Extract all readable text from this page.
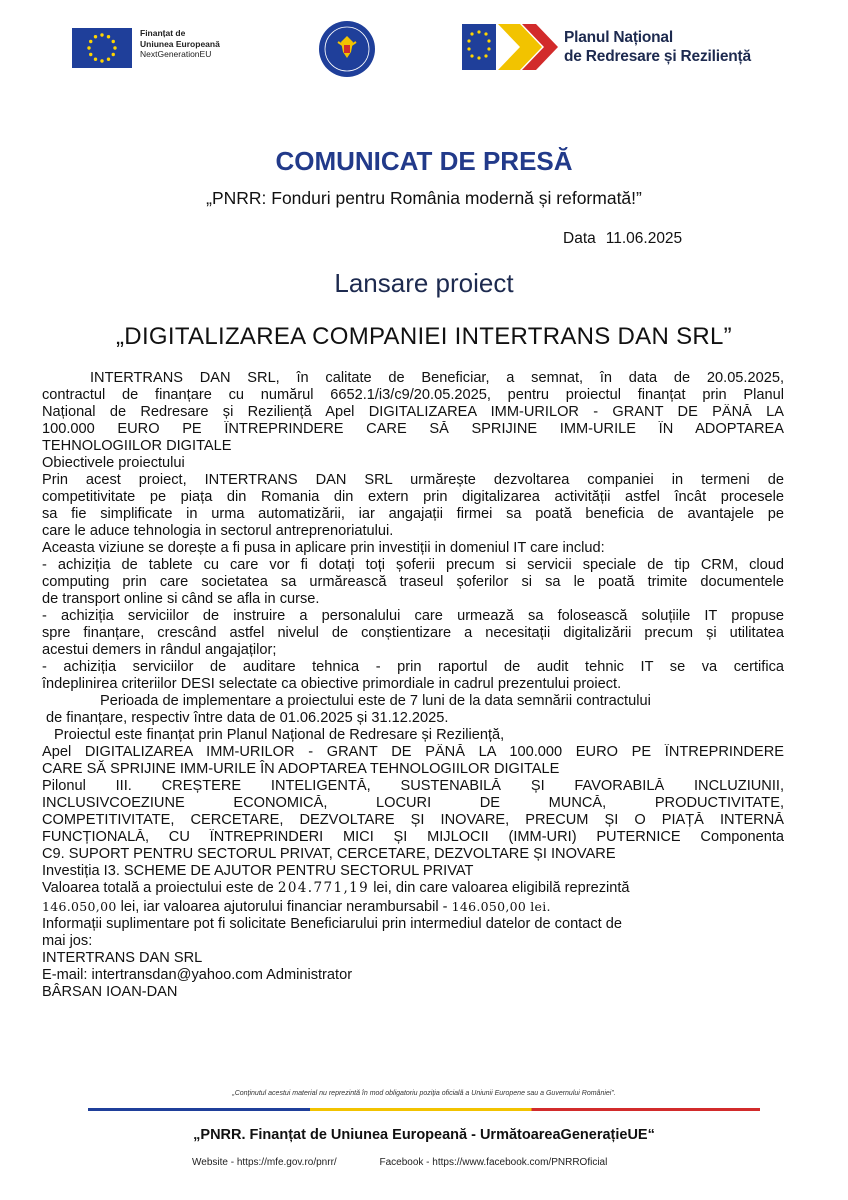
Finanțat de
Uniunea Europeană
NextGenerationEU
Planul Național
de Redresare și Reziliență
COMUNICAT DE PRESĂ
„PNRR: Fonduri pentru România modernă și reformată!”
Data 11.06.2025
Lansare proiect
„DIGITALIZAREA COMPANIEI INTERTRANS DAN SRL”
INTERTRANS DAN SRL, în calitate de Beneficiar, a semnat, în data de 20.05.2025,
contractul de finanțare cu numărul 6652.1/i3/c9/20.05.2025, pentru proiectul finanțat prin Planul
Național de Redresare și Reziliență Apel DIGITALIZAREA IMM-URILOR - GRANT DE PÂNĂ LA
100.000 EURO PE ÎNTREPRINDERE CARE SĂ SPRIJINE IMM-URILE ÎN ADOPTAREA
TEHNOLOGIILOR DIGITALE
Obiectivele proiectului
Prin acest proiect, INTERTRANS DAN SRL urmărește dezvoltarea companiei in termeni de
competitivitate pe piața din Romania din extern prin digitalizarea activității astfel încât procesele
sa fie simplificate in urma automatizării, iar angajații firmei sa poată beneficia de avantajele pe
care le aduce tehnologia in sectorul antreprenoriatului.
Aceasta viziune se dorește a fi pusa in aplicare prin investiții in domeniul IT care includ:
- achiziția de tablete cu care vor fi dotați toți șoferii precum si servicii speciale de tip CRM, cloud
computing prin care societatea sa urmărească traseul șoferilor si sa le poată trimite documentele
de transport online si când se afla in curse.
- achiziția serviciilor de instruire a personalului care urmează sa folosească soluțiile IT propuse
spre finanțare, crescând astfel nivelul de conștientizare a necesitații digitalizării precum și utilitatea
acestui demers in rândul angajaților;
- achiziția serviciilor de auditare tehnica - prin raportul de audit tehnic IT se va certifica
îndeplinirea criteriilor DESI selectate ca obiective primordiale in cadrul prezentului proiect.
Perioada de implementare a proiectului este de 7 luni de la data semnării contractului
de finanțare, respectiv între data de 01.06.2025 și 31.12.2025.
Proiectul este finanțat prin Planul Național de Redresare și Reziliență,
Apel DIGITALIZAREA IMM-URILOR - GRANT DE PÂNĂ LA 100.000 EURO PE ÎNTREPRINDERE
CARE SĂ SPRIJINE IMM-URILE ÎN ADOPTAREA TEHNOLOGIILOR DIGITALE
Pilonul III. CREȘTERE INTELIGENTĂ, SUSTENABILĂ ȘI FAVORABILĂ INCLUZIUNII,
INCLUSIVCOEZIUNE ECONOMICĂ, LOCURI DE MUNCĂ, PRODUCTIVITATE,
COMPETITIVITATE, CERCETARE, DEZVOLTARE ȘI INOVARE, PRECUM ȘI O PIAȚĂ INTERNĂ
FUNCȚIONALĂ, CU ÎNTREPRINDERI MICI ȘI MIJLOCII (IMM-URI) PUTERNICE Componenta
C9. SUPORT PENTRU SECTORUL PRIVAT, CERCETARE, DEZVOLTARE ȘI INOVARE
Investiția I3. SCHEME DE AJUTOR PENTRU SECTORUL PRIVAT
Valoarea totală a proiectului este de 204.771,19 lei, din care valoarea eligibilă reprezintă
146.050,00 lei, iar valoarea ajutorului financiar nerambursabil - 146.050,00 lei.
Informații suplimentare pot fi solicitate Beneficiarului prin intermediul datelor de contact de
mai jos:
INTERTRANS DAN SRL
E-mail: intertransdan@yahoo.com Administrator
BÂRSAN IOAN-DAN
„Conținutul acestui material nu reprezintă în mod obligatoriu poziția oficială a Uniunii Europene sau a Guvernului României”.
„PNRR. Finanțat de Uniunea Europeană - UrmătoareaGenerațieUE“
Website - https://mfe.gov.ro/pnrr/	Facebook - https://www.facebook.com/PNRROficial
